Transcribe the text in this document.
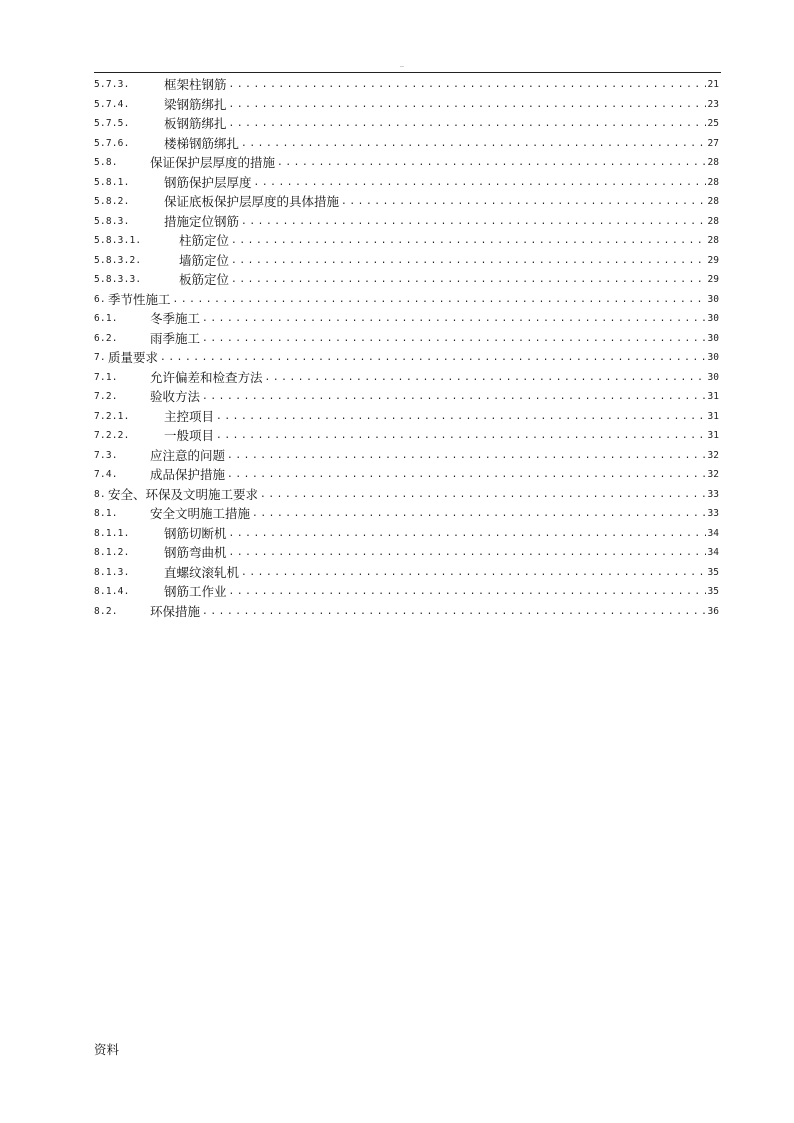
..
5.7.3.	框架柱钢筋 .....	21
5.7.4.	梁钢筋绑扎 .....	23
5.7.5.	板钢筋绑扎 .....	25
5.7.6.	楼梯钢筋绑扎 .....	27
5.8.	保证保护层厚度的措施 .....	28
5.8.1.	钢筋保护层厚度 .....	28
5.8.2.	保证底板保护层厚度的具体措施 .....	28
5.8.3.	措施定位钢筋 .....	28
5.8.3.1.	柱筋定位 .....	28
5.8.3.2.	墙筋定位 .....	29
5.8.3.3.	板筋定位 .....	29
6. 季节性施工 .....	30
6.1.	冬季施工 .....	30
6.2.	雨季施工 .....	30
7. 质量要求 .....	30
7.1.	允许偏差和检查方法 .....	30
7.2.	验收方法 .....	31
7.2.1.	主控项目 .....	31
7.2.2.	一般项目 .....	31
7.3.	应注意的问题 .....	32
7.4.	成品保护措施 .....	32
8. 安全、环保及文明施工要求 .....	33
8.1.	安全文明施工措施 .....	33
8.1.1.	钢筋切断机 .....	34
8.1.2.	钢筋弯曲机 .....	34
8.1.3.	直螺纹滚轧机 .....	35
8.1.4.	钢筋工作业 .....	35
8.2.	环保措施 .....	36
资料
